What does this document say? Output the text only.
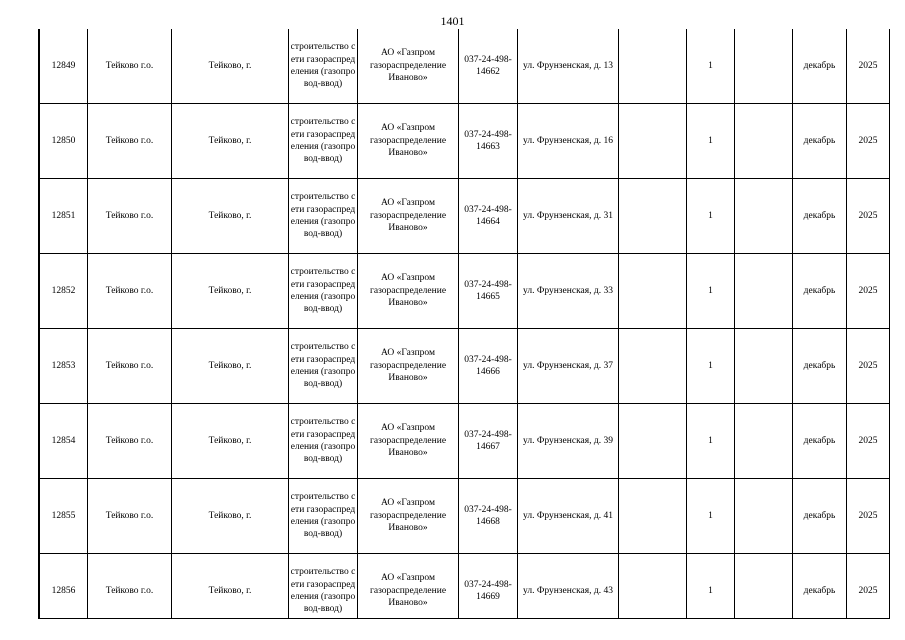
1401
12849	Тейково г.о.	Тейково, г.	строительство сети газораспределения (газопровод-ввод)	АО «Газпром газораспределение Иваново»	037-24-498-14662	ул. Фрунзенская, д. 13		1		декабрь	2025
12850	Тейково г.о.	Тейково, г.	строительство сети газораспределения (газопровод-ввод)	АО «Газпром газораспределение Иваново»	037-24-498-14663	ул. Фрунзенская, д. 16		1		декабрь	2025
12851	Тейково г.о.	Тейково, г.	строительство сети газораспределения (газопровод-ввод)	АО «Газпром газораспределение Иваново»	037-24-498-14664	ул. Фрунзенская, д. 31		1		декабрь	2025
12852	Тейково г.о.	Тейково, г.	строительство сети газораспределения (газопровод-ввод)	АО «Газпром газораспределение Иваново»	037-24-498-14665	ул. Фрунзенская, д. 33		1		декабрь	2025
12853	Тейково г.о.	Тейково, г.	строительство сети газораспределения (газопровод-ввод)	АО «Газпром газораспределение Иваново»	037-24-498-14666	ул. Фрунзенская, д. 37		1		декабрь	2025
12854	Тейково г.о.	Тейково, г.	строительство сети газораспределения (газопровод-ввод)	АО «Газпром газораспределение Иваново»	037-24-498-14667	ул. Фрунзенская, д. 39		1		декабрь	2025
12855	Тейково г.о.	Тейково, г.	строительство сети газораспределения (газопровод-ввод)	АО «Газпром газораспределение Иваново»	037-24-498-14668	ул. Фрунзенская, д. 41		1		декабрь	2025
12856	Тейково г.о.	Тейково, г.	строительство сети газораспределения (газопровод-ввод)	АО «Газпром газораспределение Иваново»	037-24-498-14669	ул. Фрунзенская, д. 43		1		декабрь	2025
